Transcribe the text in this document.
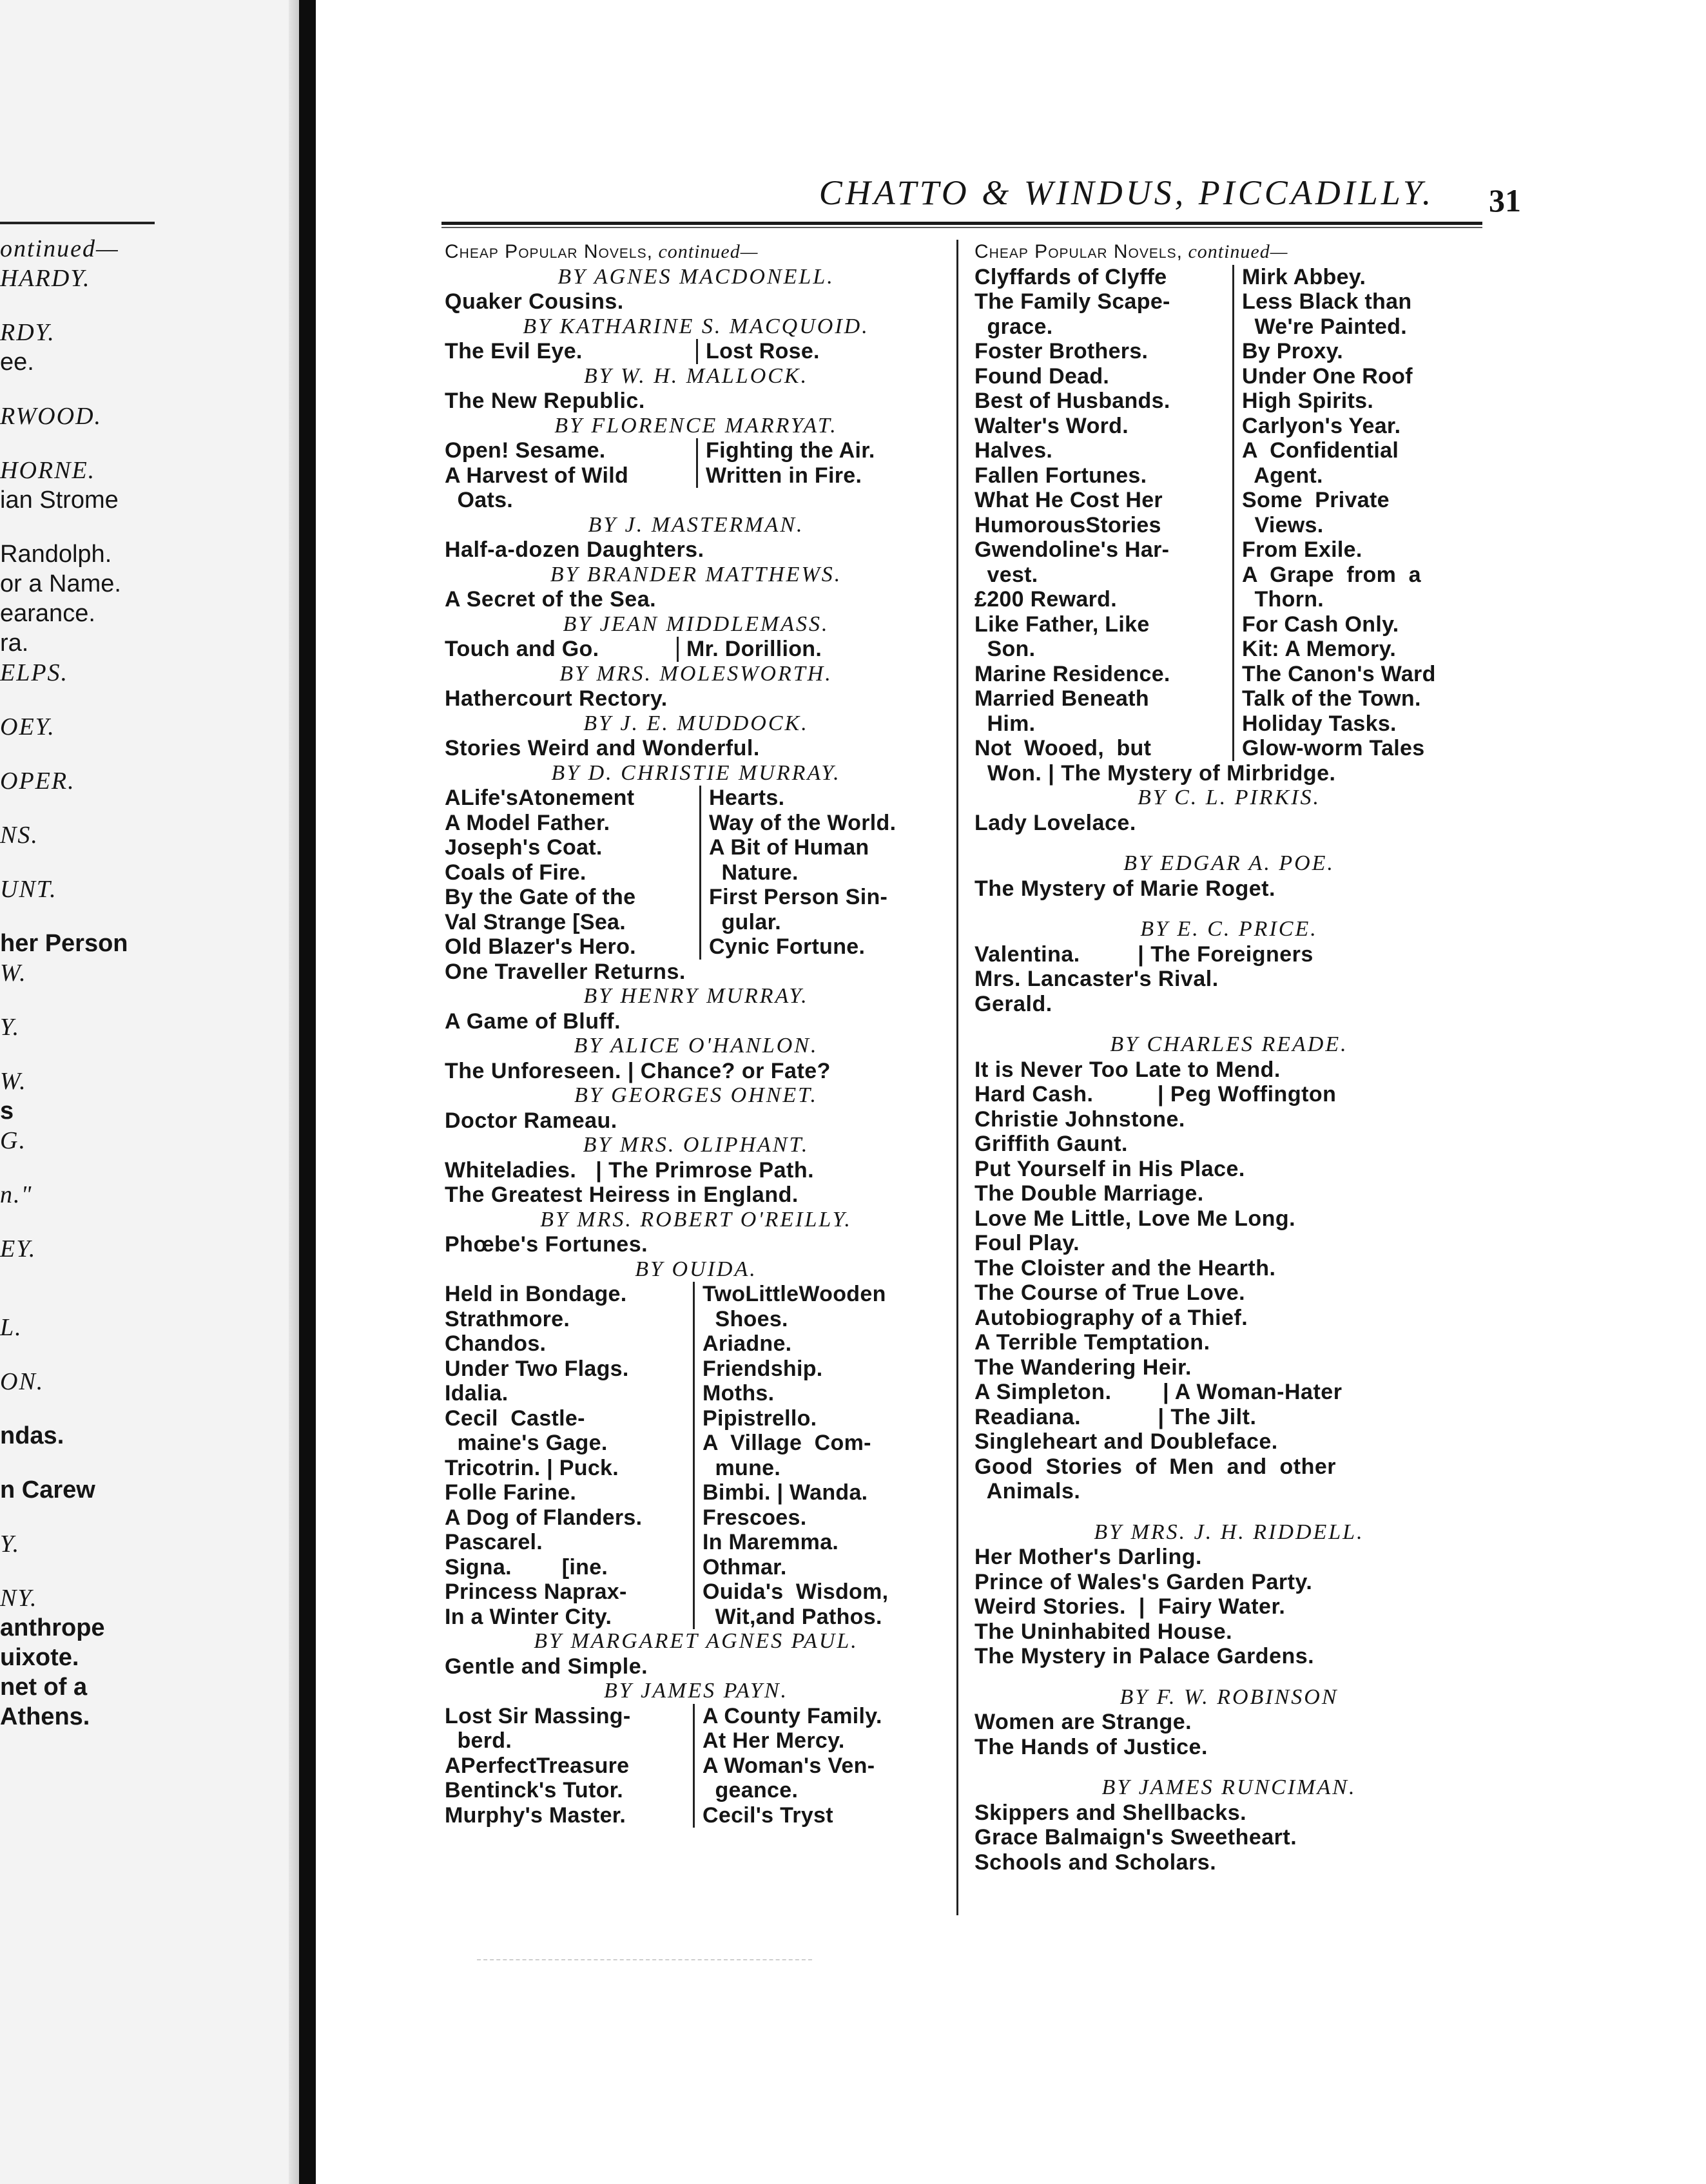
ontinued—
HARDY.
RDY.
ee.
RWOOD.
HORNE.
ian Strome
Randolph.
or a Name.
earance.
ra.
ELPS.
OEY.
OPER.
NS.
UNT.
her Person
W.
Y.
W.
s
G.
n."
EY.
L.
ON.
ndas.
n Carew
Y.
NY.
anthrope
uixote.
net of a
Athens.
CHATTO & WINDUS, PICCADILLY.	31
Cheap Popular Novels, continued—
BY AGNES MACDONELL.
Quaker Cousins.
BY KATHARINE S. MACQUOID.
The Evil Eye.	Lost Rose.
BY W. H. MALLOCK.
The New Republic.
BY FLORENCE MARRYAT.
Open! Sesame.	Fighting the Air.
A Harvest of Wild	Written in Fire.
Oats.
BY J. MASTERMAN.
Half-a-dozen Daughters.
BY BRANDER MATTHEWS.
A Secret of the Sea.
BY JEAN MIDDLEMASS.
Touch and Go.	Mr. Dorillion.
BY MRS. MOLESWORTH.
Hathercourt Rectory.
BY J. E. MUDDOCK.
Stories Weird and Wonderful.
BY D. CHRISTIE MURRAY.
ALife'sAtonement	Hearts.
A Model Father.	Way of the World.
Joseph's Coat.	A Bit of Human
Coals of Fire.	Nature.
By the Gate of the	First Person Sin-
Val Strange [Sea.	gular.
Old Blazer's Hero.	Cynic Fortune.
One Traveller Returns.
BY HENRY MURRAY.
A Game of Bluff.
BY ALICE O'HANLON.
The Unforeseen. | Chance? or Fate?
BY GEORGES OHNET.
Doctor Rameau.
BY MRS. OLIPHANT.
Whiteladies.   | The Primrose Path.
The Greatest Heiress in England.
BY MRS. ROBERT O'REILLY.
Phœbe's Fortunes.
BY OUIDA.
Held in Bondage.	TwoLittleWooden
Strathmore.	Shoes.
Chandos.	Ariadne.
Under Two Flags.	Friendship.
Idalia.	Moths.
Cecil  Castle-	Pipistrello.
maine's Gage.	A  Village  Com-
Tricotrin. | Puck.	mune.
Folle Farine.	Bimbi. | Wanda.
A Dog of Flanders.	Frescoes.
Pascarel.	In Maremma.
Signa.        [ine.	Othmar.
Princess Naprax-	Ouida's  Wisdom,
In a Winter City.	Wit,and Pathos.
BY MARGARET AGNES PAUL.
Gentle and Simple.
BY JAMES PAYN.
Lost Sir Massing-	A County Family.
berd.	At Her Mercy.
APerfectTreasure	A Woman's Ven-
Bentinck's Tutor.	geance.
Murphy's Master.	Cecil's Tryst
Cheap Popular Novels, continued—
Clyffards of Clyffe	Mirk Abbey.
The Family Scape-	Less Black than
grace.	We're Painted.
Foster Brothers.	By Proxy.
Found Dead.	Under One Roof
Best of Husbands.	High Spirits.
Walter's Word.	Carlyon's Year.
Halves.	A  Confidential
Fallen Fortunes.	Agent.
What He Cost Her	Some  Private
HumorousStories	Views.
Gwendoline's Har-	From Exile.
vest.	A  Grape  from  a
£200 Reward.	Thorn.
Like Father, Like	For Cash Only.
Son.	Kit: A Memory.
Marine Residence.	The Canon's Ward
Married Beneath	Talk of the Town.
Him.	Holiday Tasks.
Not  Wooed,  but	Glow-worm Tales
Won. | The Mystery of Mirbridge.
BY C. L. PIRKIS.
Lady Lovelace.
BY EDGAR A. POE.
The Mystery of Marie Roget.
BY E. C. PRICE.
Valentina.         | The Foreigners
Mrs. Lancaster's Rival.
Gerald.
BY CHARLES READE.
It is Never Too Late to Mend.
Hard Cash.          | Peg Woffington
Christie Johnstone.
Griffith Gaunt.
Put Yourself in His Place.
The Double Marriage.
Love Me Little, Love Me Long.
Foul Play.
The Cloister and the Hearth.
The Course of True Love.
Autobiography of a Thief.
A Terrible Temptation.
The Wandering Heir.
A Simpleton.        | A Woman-Hater
Readiana.            | The Jilt.
Singleheart and Doubleface.
Good  Stories  of  Men  and  other
Animals.
BY MRS. J. H. RIDDELL.
Her Mother's Darling.
Prince of Wales's Garden Party.
Weird Stories.  |  Fairy Water.
The Uninhabited House.
The Mystery in Palace Gardens.
BY F. W. ROBINSON
Women are Strange.
The Hands of Justice.
BY JAMES RUNCIMAN.
Skippers and Shellbacks.
Grace Balmaign's Sweetheart.
Schools and Scholars.
